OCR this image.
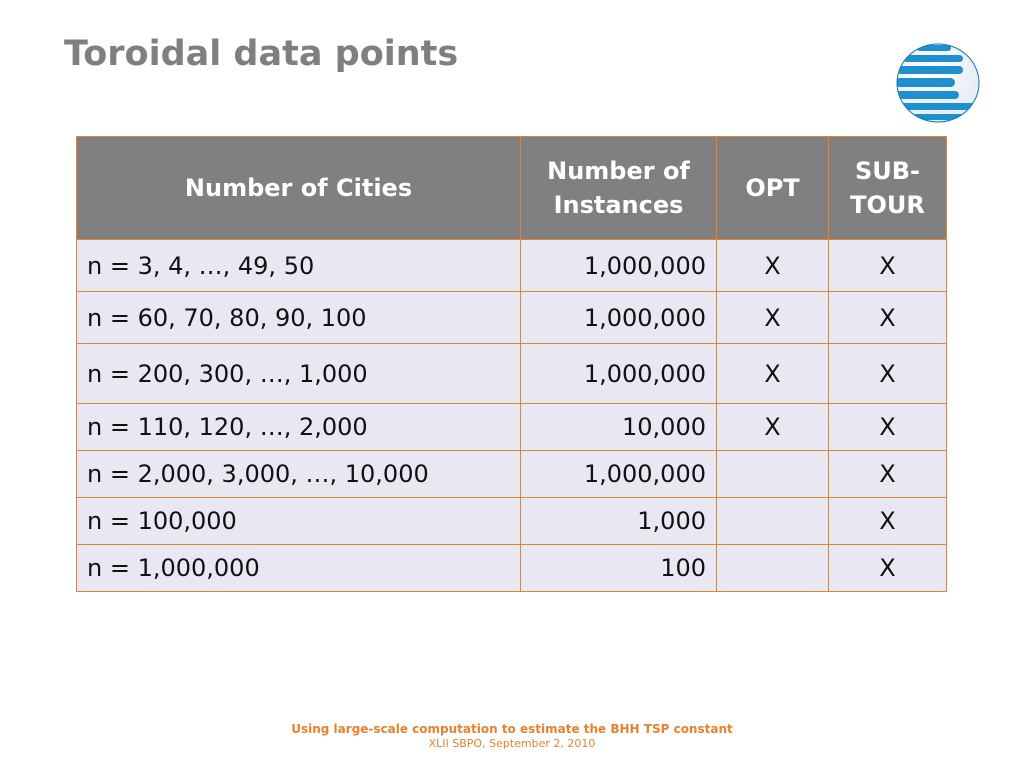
Toroidal data points
Number of Cities	Number of Instances	OPT	SUB-TOUR
n = 3, 4, …, 49, 50	1,000,000	X	X
n = 60, 70, 80, 90, 100	1,000,000	X	X
n = 200, 300, …, 1,000	1,000,000	X	X
n = 110, 120, …, 2,000	10,000	X	X
n = 2,000, 3,000, …, 10,000	1,000,000		X
n = 100,000	1,000		X
n = 1,000,000	100		X
Using large-scale computation to estimate the BHH TSP constant
XLII SBPO, September 2, 2010
